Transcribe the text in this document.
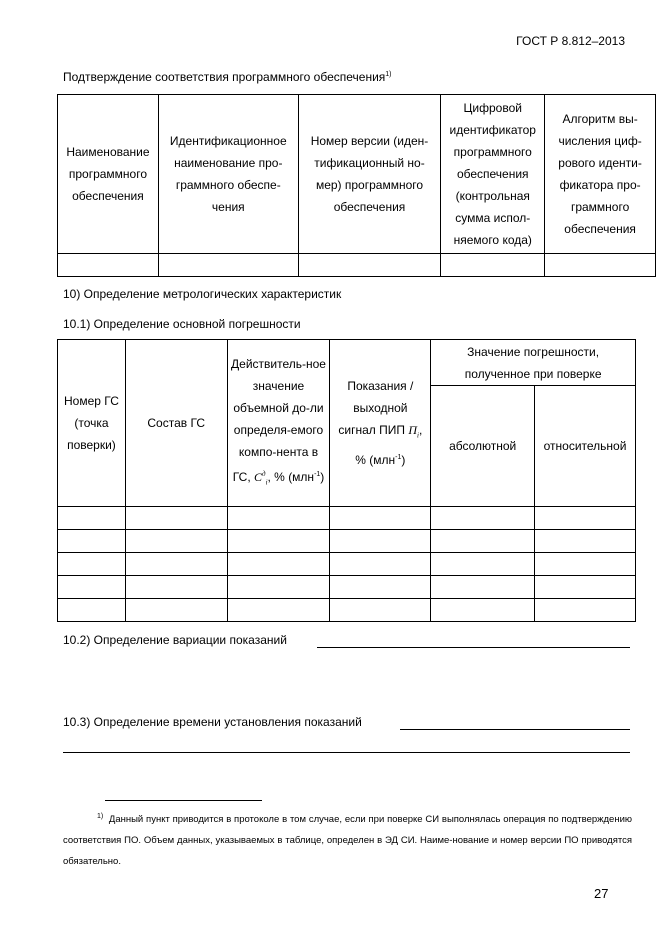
ГОСТ Р 8.812–2013
Подтверждение соответствия программного обеспечения$^{1)}$
Наименование программного обеспечения	Идентификационное наименование про-граммного обеспе-чения	Номер версии (иден-тификационный но-мер) программного обеспечения	Цифровой идентификатор программного обеспечения (контрольная сумма испол-няемого кода)	Алгоритм вы-числения циф-рового иденти-фикатора про-граммного обеспечения

10) Определение метрологических характеристик
10.1) Определение основной погрешности
Номер ГС (точка поверки)	Состав ГС	Действитель-ное значение объемной до-ли определя-емого компо-нента в ГС, $C^д_i$, % (млн$^{-1}$)	Показания / выходной сигнал ПИП $П_i$, % (млн$^{-1}$)	Значение погрешности, полученное при поверке	
				абсолютной	относительной

10.2) Определение вариации показаний
10.3) Определение времени установления показаний
$^{1)}$ Данный пункт приводится в протоколе в том случае, если при поверке СИ выполнялась операция по подтверждению соответствия ПО. Объем данных, указываемых в таблице, определен в ЭД СИ. Наиме-нование и номер версии ПО приводятся обязательно.
27
